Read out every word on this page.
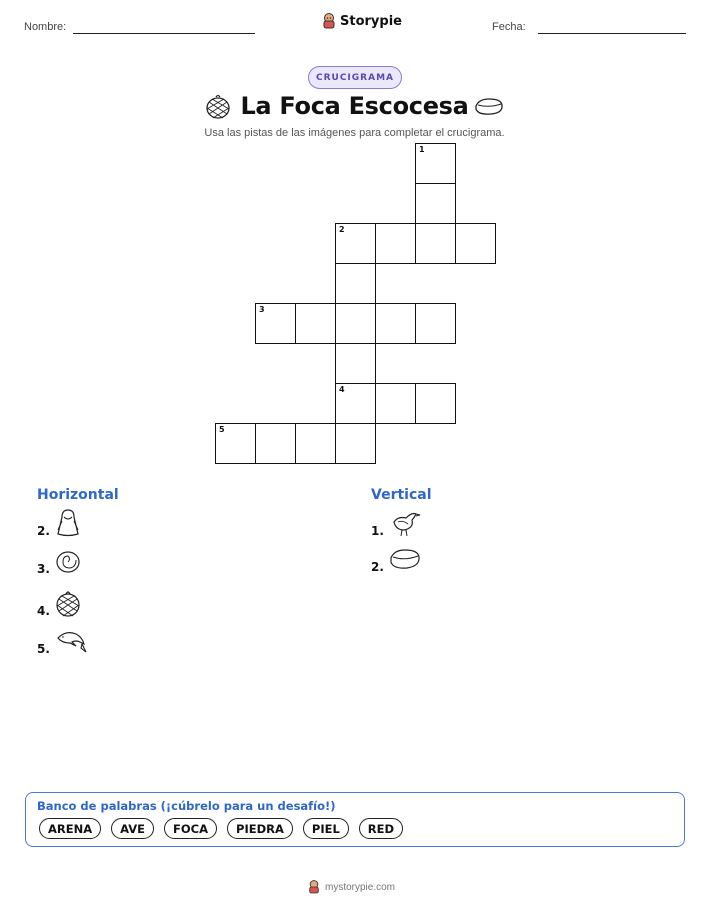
Nombre:	Storypie	Fecha:
CRUCIGRAMA
La Foca Escocesa
Usa las pistas de las imágenes para completar el crucigrama.
1
2
3
4
5
Horizontal	Vertical
2.
3.
4.
5.
1.
2.
Banco de palabras (¡cúbrelo para un desafío!)
ARENA	AVE	FOCA	PIEDRA	PIEL	RED
mystorypie.com
